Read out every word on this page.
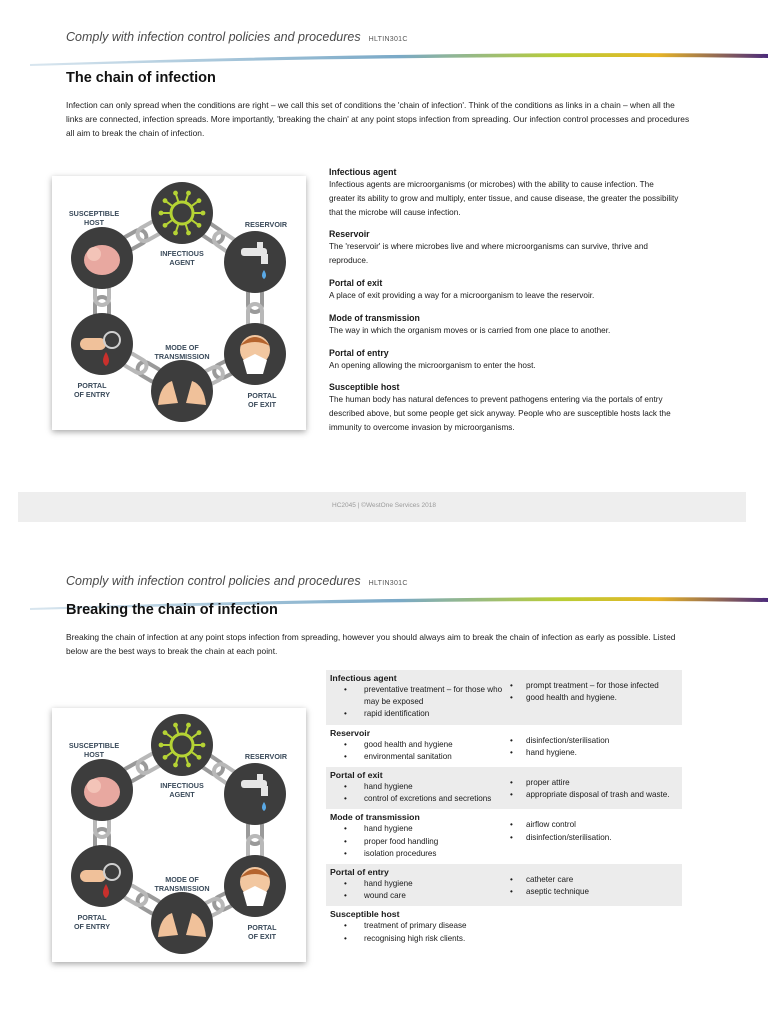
Comply with infection control policies and procedures HLTIN301C
The chain of infection
Infection can only spread when the conditions are right – we call this set of conditions the 'chain of infection'. Think of the conditions as links in a chain – when all the links are connected, infection spreads. More importantly, 'breaking the chain' at any point stops infection from spreading. Our infection control processes and procedures all aim to break the chain of infection.
INFECTIOUS
AGENT
RESERVOIR
SUSCEPTIBLE
HOST
MODE OF
TRANSMISSION
PORTAL
OF ENTRY	PORTAL
OF EXIT
Infectious agent

Infectious agents are microorganisms (or microbes) with the ability to cause infection. The greater its ability to grow and multiply, enter tissue, and cause disease, the greater the possibility that the microbe will cause infection.

Reservoir

The 'reservoir' is where microbes live and where microorganisms can survive, thrive and reproduce.

Portal of exit

A place of exit providing a way for a microorganism to leave the reservoir.

Mode of transmission

The way in which the organism moves or is carried from one place to another.

Portal of entry

An opening allowing the microorganism to enter the host.

Susceptible host

The human body has natural defences to prevent pathogens entering via the portals of entry described above, but some people get sick anyway. People who are susceptible hosts lack the immunity to overcome invasion by microorganisms.

HC2045 | ©WestOne Services 2018
Comply with infection control policies and procedures HLTIN301C
Breaking the chain of infection
Breaking the chain of infection at any point stops infection from spreading, however you should always aim to break the chain of infection as early as possible. Listed below are the best ways to break the chain at each point.
INFECTIOUS
AGENT
RESERVOIR
SUSCEPTIBLE
HOST
MODE OF
TRANSMISSION
PORTAL
OF ENTRY	PORTAL
OF EXIT
Infectious agent
• preventative treatment – for those who may be exposed
• rapid identification
• prompt treatment – for those infected
• good health and hygiene.
Reservoir
• good health and hygiene
• environmental sanitation
• disinfection/sterilisation
• hand hygiene.
Portal of exit
• hand hygiene
• control of excretions and secretions
• proper attire
• appropriate disposal of trash and waste.
Mode of transmission
• hand hygiene
• proper food handling
• isolation procedures
• airflow control
• disinfection/sterilisation.
Portal of entry
• hand hygiene
• wound care
• catheter care
• aseptic technique
Susceptible host
• treatment of primary disease
• recognising high risk clients.
